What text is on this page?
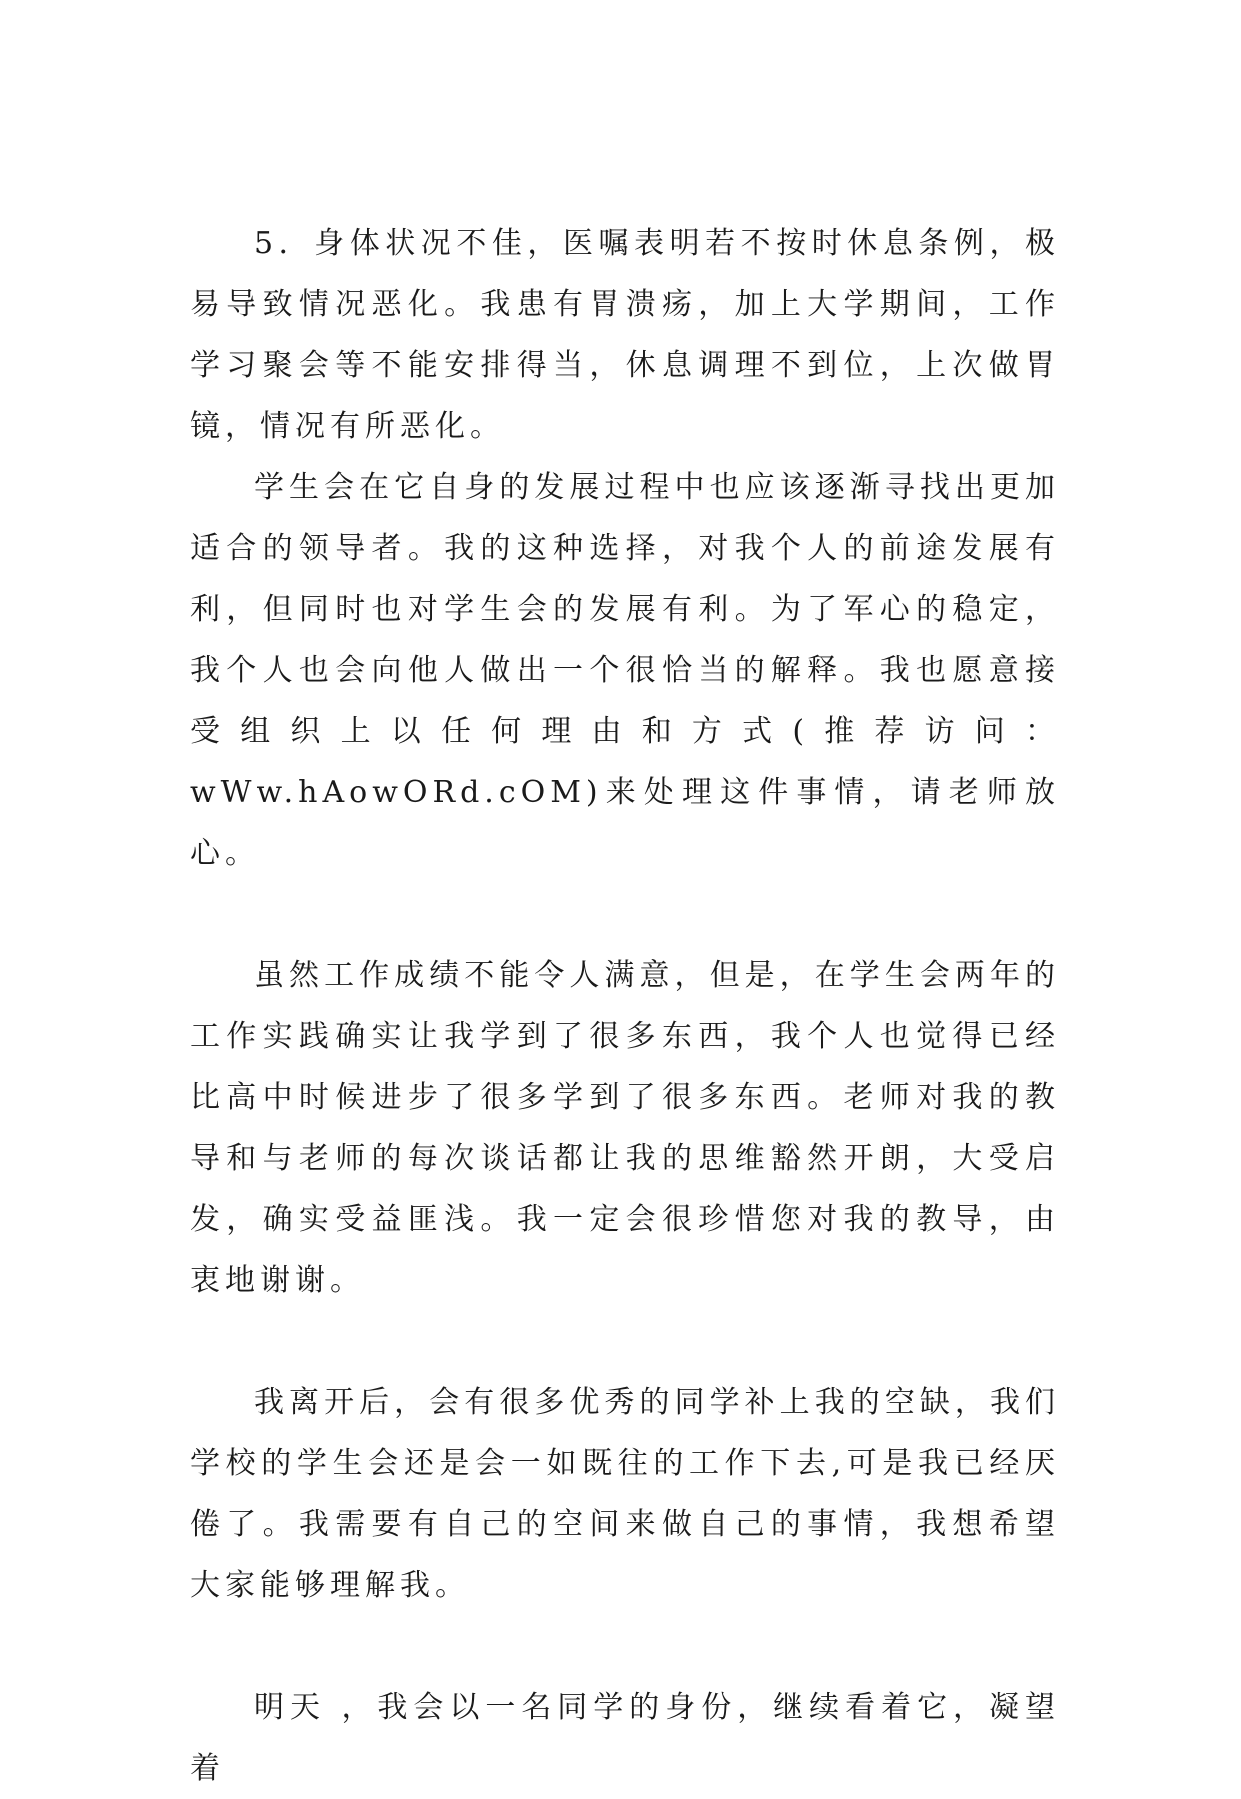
5．身体状况不佳，医嘱表明若不按时休息条例，极易导致情况恶化。我患有胃溃疡，加上大学期间，工作学习聚会等不能安排得当，休息调理不到位，上次做胃镜，情况有所恶化。

学生会在它自身的发展过程中也应该逐渐寻找出更加适合的领导者。我的这种选择，对我个人的前途发展有利，但同时也对学生会的发展有利。为了军心的稳定，我个人也会向他人做出一个很恰当的解释。我也愿意接受组织上以任何理由和方式(推荐访问：wWw.hAowORd.cOM)来处理这件事情，请老师放心。

虽然工作成绩不能令人满意，但是，在学生会两年的工作实践确实让我学到了很多东西，我个人也觉得已经比高中时候进步了很多学到了很多东西。老师对我的教导和与老师的每次谈话都让我的思维豁然开朗，大受启发，确实受益匪浅。我一定会很珍惜您对我的教导，由衷地谢谢。

我离开后，会有很多优秀的同学补上我的空缺，我们学校的学生会还是会一如既往的工作下去,可是我已经厌倦了。我需要有自己的空间来做自己的事情，我想希望大家能够理解我。

明天 ，我会以一名同学的身份，继续看着它，凝望着
